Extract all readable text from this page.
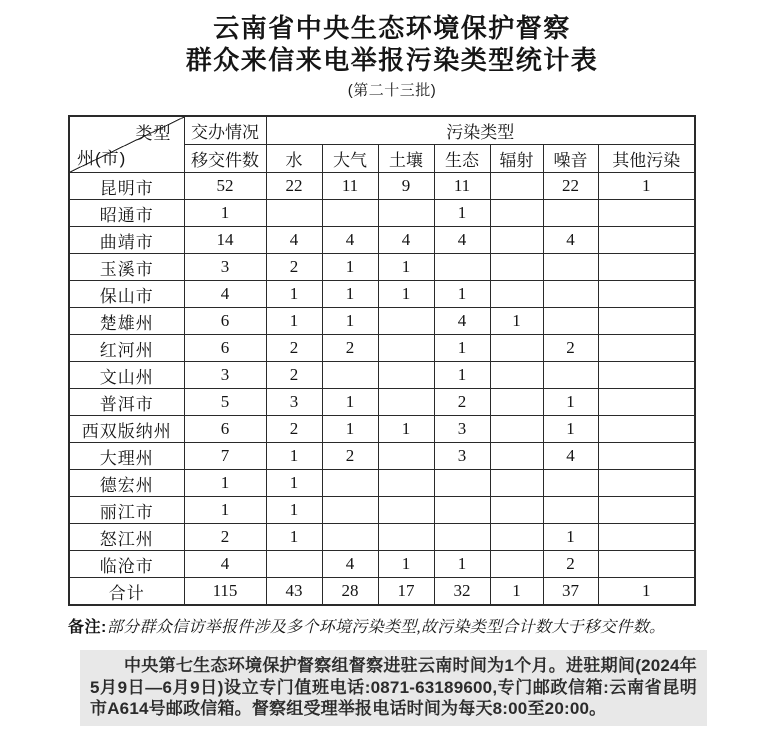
云南省中央生态环境保护督察
群众来信来电举报污染类型统计表
(第二十三批)
类型
州(市)	交办情况	污染类型						
	移交件数	水	大气	土壤	生态	辐射	噪音	其他污染
昆明市	52	22	11	9	11		22	1
昭通市	1				1			
曲靖市	14	4	4	4	4		4	
玉溪市	3	2	1	1				
保山市	4	1	1	1	1			
楚雄州	6	1	1		4	1		
红河州	6	2	2		1		2	
文山州	3	2			1			
普洱市	5	3	1		2		1	
西双版纳州	6	2	1	1	3		1	
大理州	7	1	2		3		4	
德宏州	1	1						
丽江市	1	1						
怒江州	2	1					1	
临沧市	4		4	1	1		2	
合计	115	43	28	17	32	1	37	1

备注:部分群众信访举报件涉及多个环境污染类型,故污染类型合计数大于移交件数。

中央第七生态环境保护督察组督察进驻云南时间为1个月。进驻期间(2024年5月9日—6月9日)设立专门值班电话:0871-63189600,专门邮政信箱:云南省昆明市A614号邮政信箱。督察组受理举报电话时间为每天8:00至20:00。
